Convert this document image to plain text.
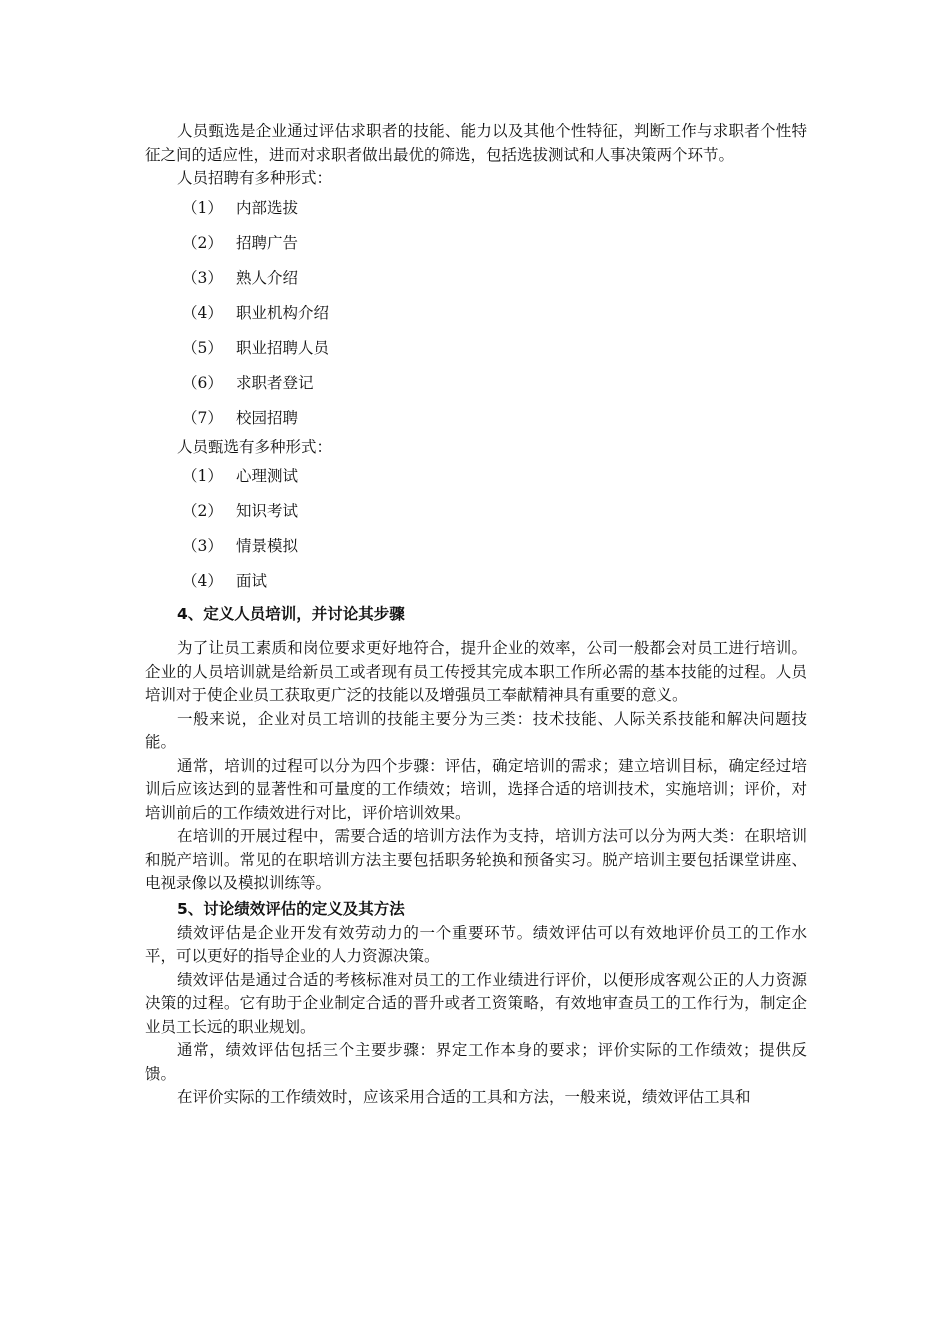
人员甄选是企业通过评估求职者的技能、能力以及其他个性特征，判断工作与求职者个性特征之间的适应性，进而对求职者做出最优的筛选，包括选拔测试和人事决策两个环节。

人员招聘有多种形式：

（1） 内部选拔
（2） 招聘广告
（3） 熟人介绍
（4） 职业机构介绍
（5） 职业招聘人员
（6） 求职者登记
（7） 校园招聘

人员甄选有多种形式：

（1） 心理测试
（2） 知识考试
（3） 情景模拟
（4） 面试
4、定义人员培训，并讨论其步骤

为了让员工素质和岗位要求更好地符合，提升企业的效率，公司一般都会对员工进行培训。企业的人员培训就是给新员工或者现有员工传授其完成本职工作所必需的基本技能的过程。人员培训对于使企业员工获取更广泛的技能以及增强员工奉献精神具有重要的意义。

一般来说，企业对员工培训的技能主要分为三类：技术技能、人际关系技能和解决问题技能。

通常，培训的过程可以分为四个步骤：评估，确定培训的需求；建立培训目标，确定经过培训后应该达到的显著性和可量度的工作绩效；培训，选择合适的培训技术，实施培训；评价，对培训前后的工作绩效进行对比，评价培训效果。

在培训的开展过程中，需要合适的培训方法作为支持，培训方法可以分为两大类：在职培训和脱产培训。常见的在职培训方法主要包括职务轮换和预备实习。脱产培训主要包括课堂讲座、电视录像以及模拟训练等。

5、讨论绩效评估的定义及其方法

绩效评估是企业开发有效劳动力的一个重要环节。绩效评估可以有效地评价员工的工作水平，可以更好的指导企业的人力资源决策。

绩效评估是通过合适的考核标准对员工的工作业绩进行评价，以便形成客观公正的人力资源决策的过程。它有助于企业制定合适的晋升或者工资策略，有效地审查员工的工作行为，制定企业员工长远的职业规划。

通常，绩效评估包括三个主要步骤：界定工作本身的要求；评价实际的工作绩效；提供反馈。

在评价实际的工作绩效时，应该采用合适的工具和方法，一般来说，绩效评估工具和
